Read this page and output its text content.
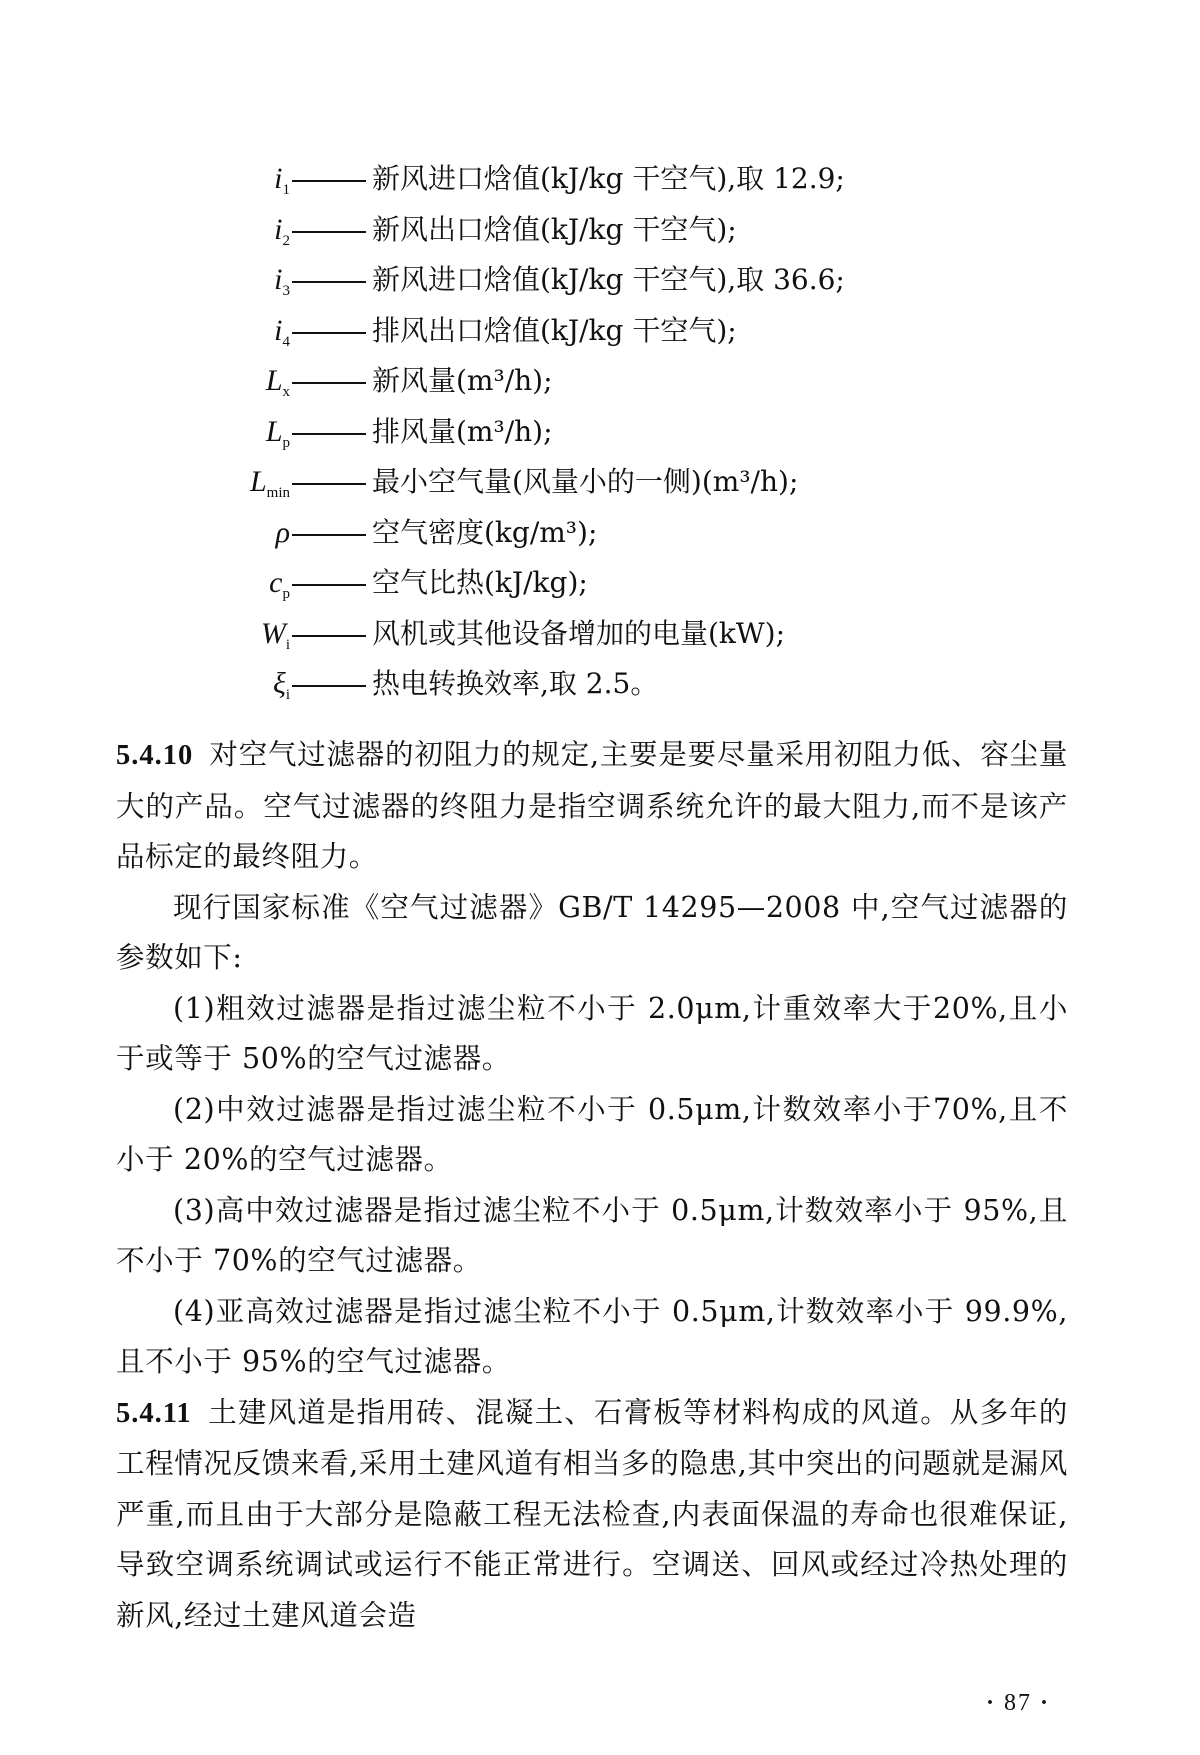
$i_1$	新风进口焓值(kJ/kg 干空气),取 12.9;
$i_2$	新风出口焓值(kJ/kg 干空气);
$i_3$	新风进口焓值(kJ/kg 干空气),取 36.6;
$i_4$	排风出口焓值(kJ/kg 干空气);
$L_x$	新风量(m³/h);
$L_p$	排风量(m³/h);
$L_{min}$	最小空气量(风量小的一侧)(m³/h);
ρ	空气密度(kg/m³);
$c_p$	空气比热(kJ/kg);
$W_i$	风机或其他设备增加的电量(kW);
$\xi_i$	热电转换效率,取 2.5。

5.4.10 对空气过滤器的初阻力的规定,主要是要尽量采用初阻力低、容尘量大的产品。空气过滤器的终阻力是指空调系统允许的最大阻力,而不是该产品标定的最终阻力。

现行国家标准《空气过滤器》GB/T 14295—2008 中,空气过滤器的参数如下:

(1)粗效过滤器是指过滤尘粒不小于 2.0μm,计重效率大于20%,且小于或等于 50%的空气过滤器。

(2)中效过滤器是指过滤尘粒不小于 0.5μm,计数效率小于70%,且不小于 20%的空气过滤器。

(3)高中效过滤器是指过滤尘粒不小于 0.5μm,计数效率小于 95%,且不小于 70%的空气过滤器。

(4)亚高效过滤器是指过滤尘粒不小于 0.5μm,计数效率小于 99.9%,且不小于 95%的空气过滤器。

5.4.11 土建风道是指用砖、混凝土、石膏板等材料构成的风道。从多年的工程情况反馈来看,采用土建风道有相当多的隐患,其中突出的问题就是漏风严重,而且由于大部分是隐蔽工程无法检查,内表面保温的寿命也很难保证,导致空调系统调试或运行不能正常进行。空调送、回风或经过冷热处理的新风,经过土建风道会造

· 87 ·
